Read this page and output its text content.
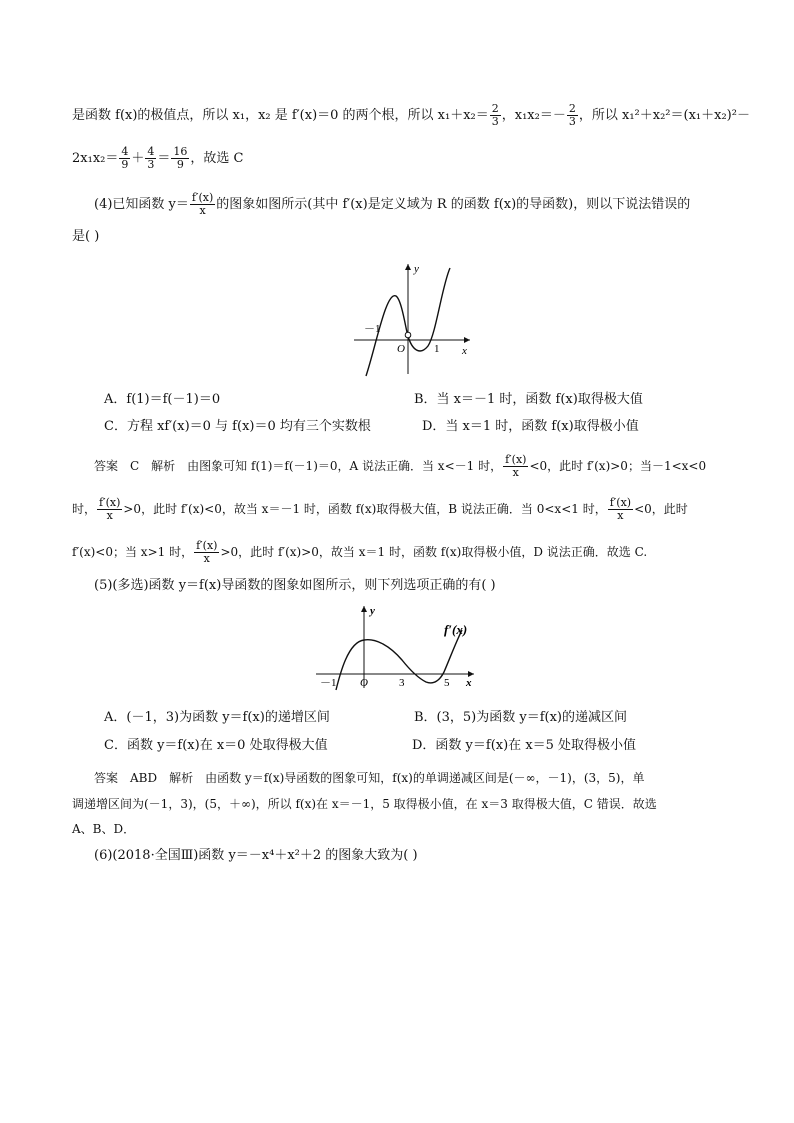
是函数 f(x)的极值点，所以 x₁，x₂ 是 f′(x)＝0 的两个根，所以 $x_1+x_2= \frac{2}{3}$ ，$x_1x_2=- \frac{2}{3}$ ，所以 x₁²＋x₂²＝(x₁＋x₂)²－
$2x_1x_2= \frac{4}{9} + \frac{4}{3} = \frac{16}{9}$ ，故选 C
(4)已知函数 $y= \frac{f'(x)}{x}$ 的图象如图所示(其中 f′(x)是定义域为 R 的函数 f(x)的导函数)，则以下说法错误的
是( )
y
x
O
－1
1
A．f(1)＝f(－1)＝0	B．当 x＝－1 时，函数 f(x)取得极大值
C．方程 xf′(x)＝0 与 f(x)＝0 均有三个实数根	D．当 x＝1 时，函数 f(x)取得极小值
答案　C　解析　由图象可知 f(1)＝f(－1)＝0，A 说法正确．当 x<－1 时， $\frac{f'(x)}{x} <0$，此时 f′(x)>0；当－1<x<0
时， $\frac{f'(x)}{x} >0$，此时 f′(x)<0，故当 x＝－1 时，函数 f(x)取得极大值，B 说法正确．当 0<x<1 时， $\frac{f'(x)}{x} <0$，此时
f′(x)<0；当 x>1 时， $\frac{f'(x)}{x} >0$，此时 f′(x)>0，故当 x＝1 时，函数 f(x)取得极小值，D 说法正确．故选 C.
(5)(多选)函数 y＝f(x)导函数的图象如图所示，则下列选项正确的有( )
y
f′(x)
x
O
－1	3	5
A．(－1，3)为函数 y＝f(x)的递增区间	B．(3，5)为函数 y＝f(x)的递减区间
C．函数 y＝f(x)在 x＝0 处取得极大值	D．函数 y＝f(x)在 x＝5 处取得极小值
答案　ABD　解析　由函数 y＝f(x)导函数的图象可知，f(x)的单调递减区间是(－∞，－1)，(3，5)，单
调递增区间为(－1，3)，(5，＋∞)，所以 f(x)在 x＝－1，5 取得极小值，在 x＝3 取得极大值，C 错误．故选
A、B、D．
(6)(2018·全国Ⅲ)函数 y＝－x⁴＋x²＋2 的图象大致为( )
